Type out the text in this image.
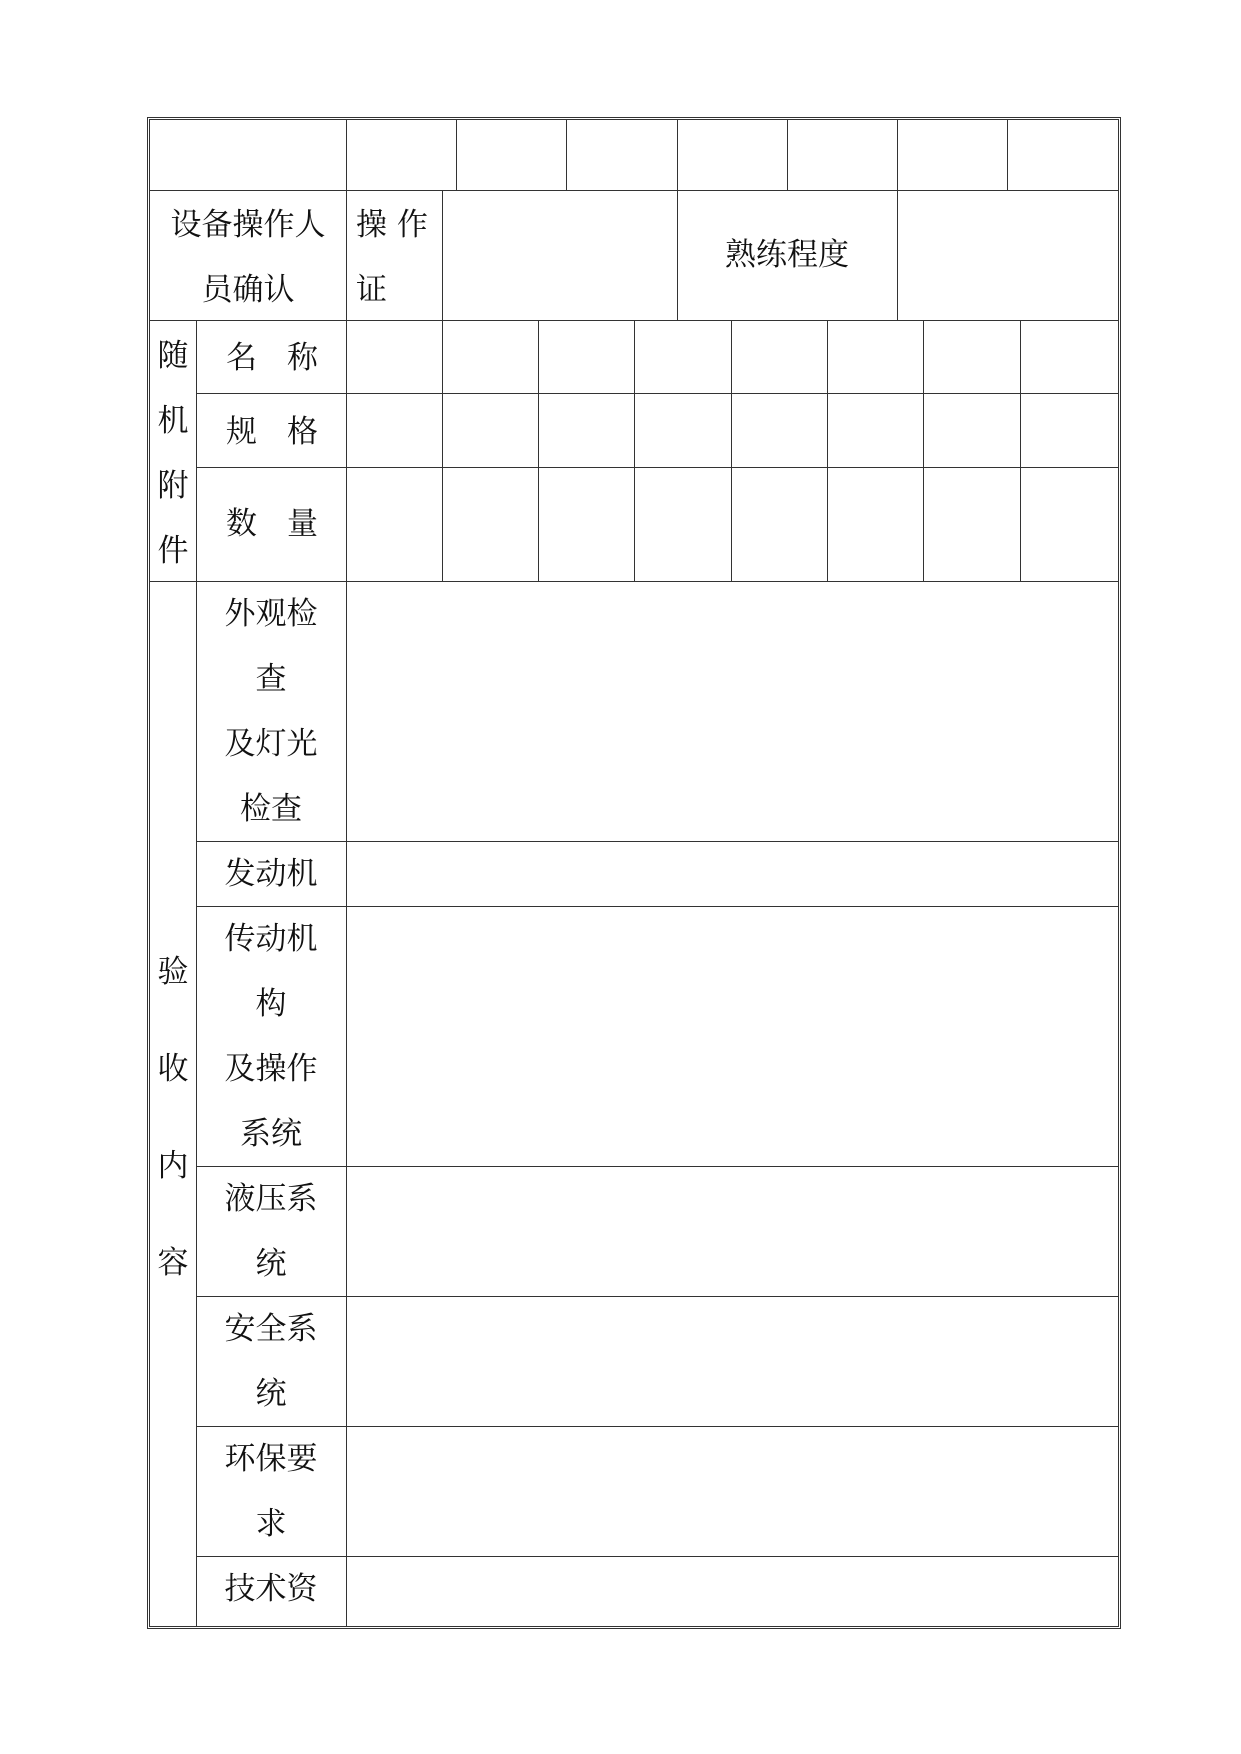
设备操作人
员确认
操 作
证
熟练程度
随
机
附
件
名称
规格
数量
验
收
内
容
外观检
查
及灯光
检查
发动机
传动机
构
及操作
系统
液压系
统
安全系
统
环保要
求
技术资
